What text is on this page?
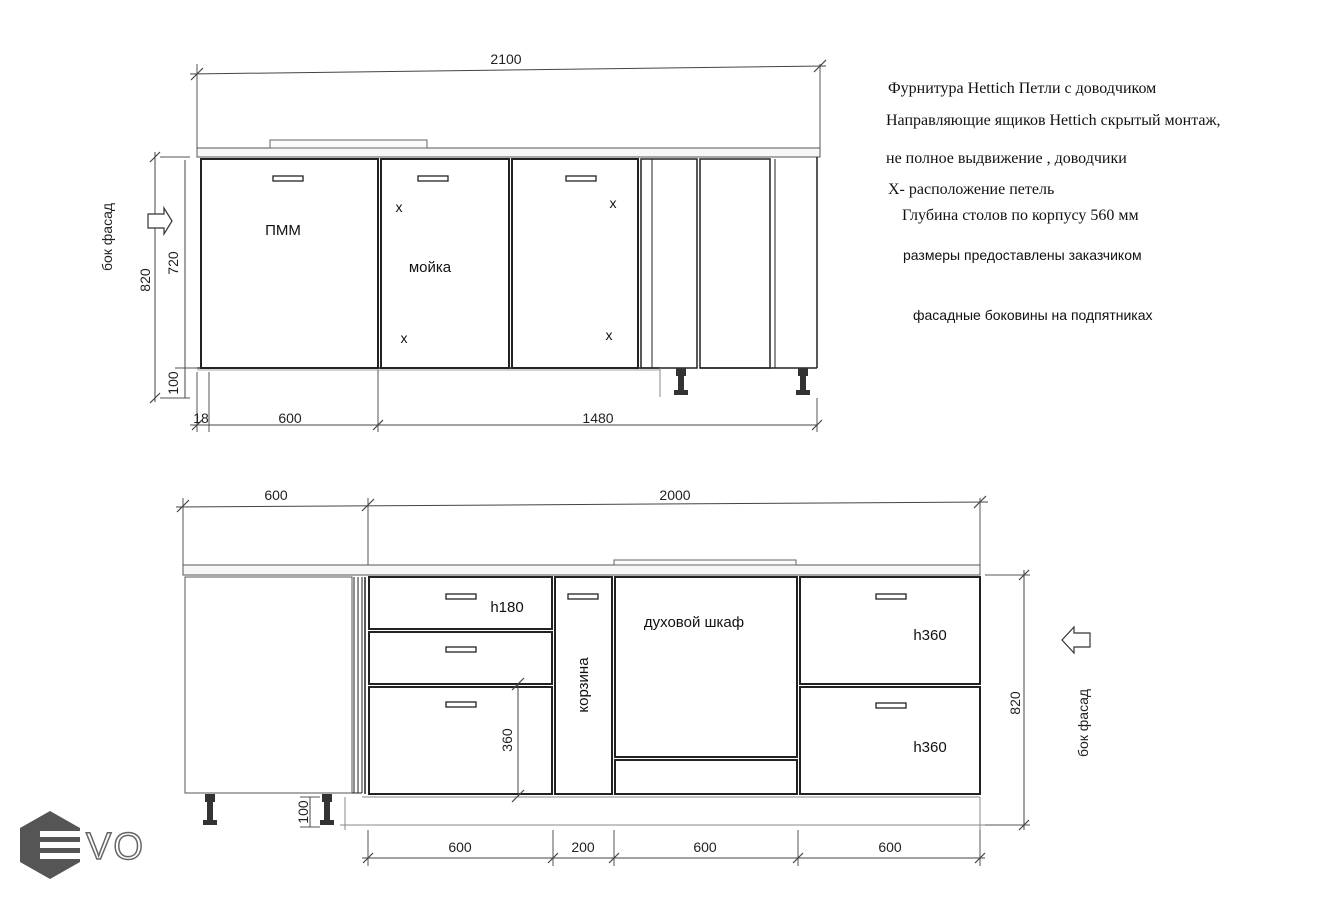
2100
820
720
100
бок фасад
18	600	1480
ПММ
мойка
x
x
x
x
600	2000
820	бок фасад
100
360
600	200	600	600
h180
корзина
духовой шкаф
h360
h360
VO
Фурнитура Hettich Петли с доводчиком
Направляющие ящиков Hettich скрытый монтаж,
не полное выдвижение , доводчики
X- расположение петель
Глубина столов по корпусу 560 мм
размеры предоставлены заказчиком
фасадные боковины на подпятниках
